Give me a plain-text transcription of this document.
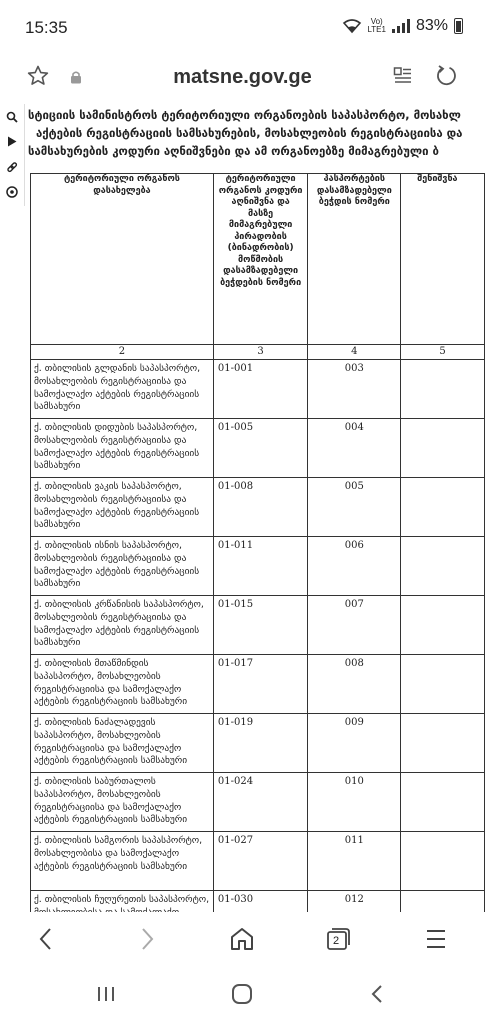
15:35	Vo)
LTE1 83%
matsne.gov.ge
სტიციის სამინისტროს ტერიტორიული ორგანოების საპასპორტო, მოსახლ
აქტების რეგისტრაციის სამსახურების, მოსახლეობის რეგისტრაციისა და
სამსახურების კოდური აღნიშვნები და ამ ორგანოებზე მიმაგრებული ბ
ტერიტორიული ორგანოს დასახელება	ტერიტორიული ორგანოს კოდური აღნიშვნა და მასზე მიმაგრებული პირადობის (ბინადრობის) მოწმობის დასამზადებელი ბეჭდების ნომერი	პასპორტების დასამზადებელი ბეჭდის ნომერი	შენიშვნა

2	3	4	5
ქ. თბილისის გლდანის საპასპორტო, მოსახლეობის რეგისტრაციისა და სამოქალაქო აქტების რეგისტრაციის სამსახური	01-001	003	
ქ. თბილისის დიდუბის საპასპორტო, მოსახლეობის რეგისტრაციისა და სამოქალაქო აქტების რეგისტრაციის სამსახური	01-005	004	
ქ. თბილისის ვაკის საპასპორტო, მოსახლეობის რეგისტრაციისა და სამოქალაქო აქტების რეგისტრაციის სამსახური	01-008	005	
ქ. თბილისის ისნის საპასპორტო, მოსახლეობის რეგისტრაციისა და სამოქალაქო აქტების რეგისტრაციის სამსახური	01-011	006	
ქ. თბილისის კრწანისის საპასპორტო, მოსახლეობის რეგისტრაციისა და სამოქალაქო აქტების რეგისტრაციის სამსახური	01-015	007	
ქ. თბილისის მთაწმინდის საპასპორტო, მოსახლეობის რეგისტრაციისა და სამოქალაქო აქტების რეგისტრაციის სამსახური	01-017	008	
ქ. თბილისის ნაძალადევის საპასპორტო, მოსახლეობის რეგისტრაციისა და სამოქალაქო აქტების რეგისტრაციის სამსახური	01-019	009	
ქ. თბილისის საბურთალოს საპასპორტო, მოსახლეობის რეგისტრაციისა და სამოქალაქო აქტების რეგისტრაციის სამსახური	01-024	010	
ქ. თბილისის სამგორის საპასპორტო, მოსახლეობისა და სამოქალაქო აქტების რეგისტრაციის სამსახური	01-027	011	
ქ. თბილისის ჩუღურეთის საპასპორტო,	01-030	012	
2
